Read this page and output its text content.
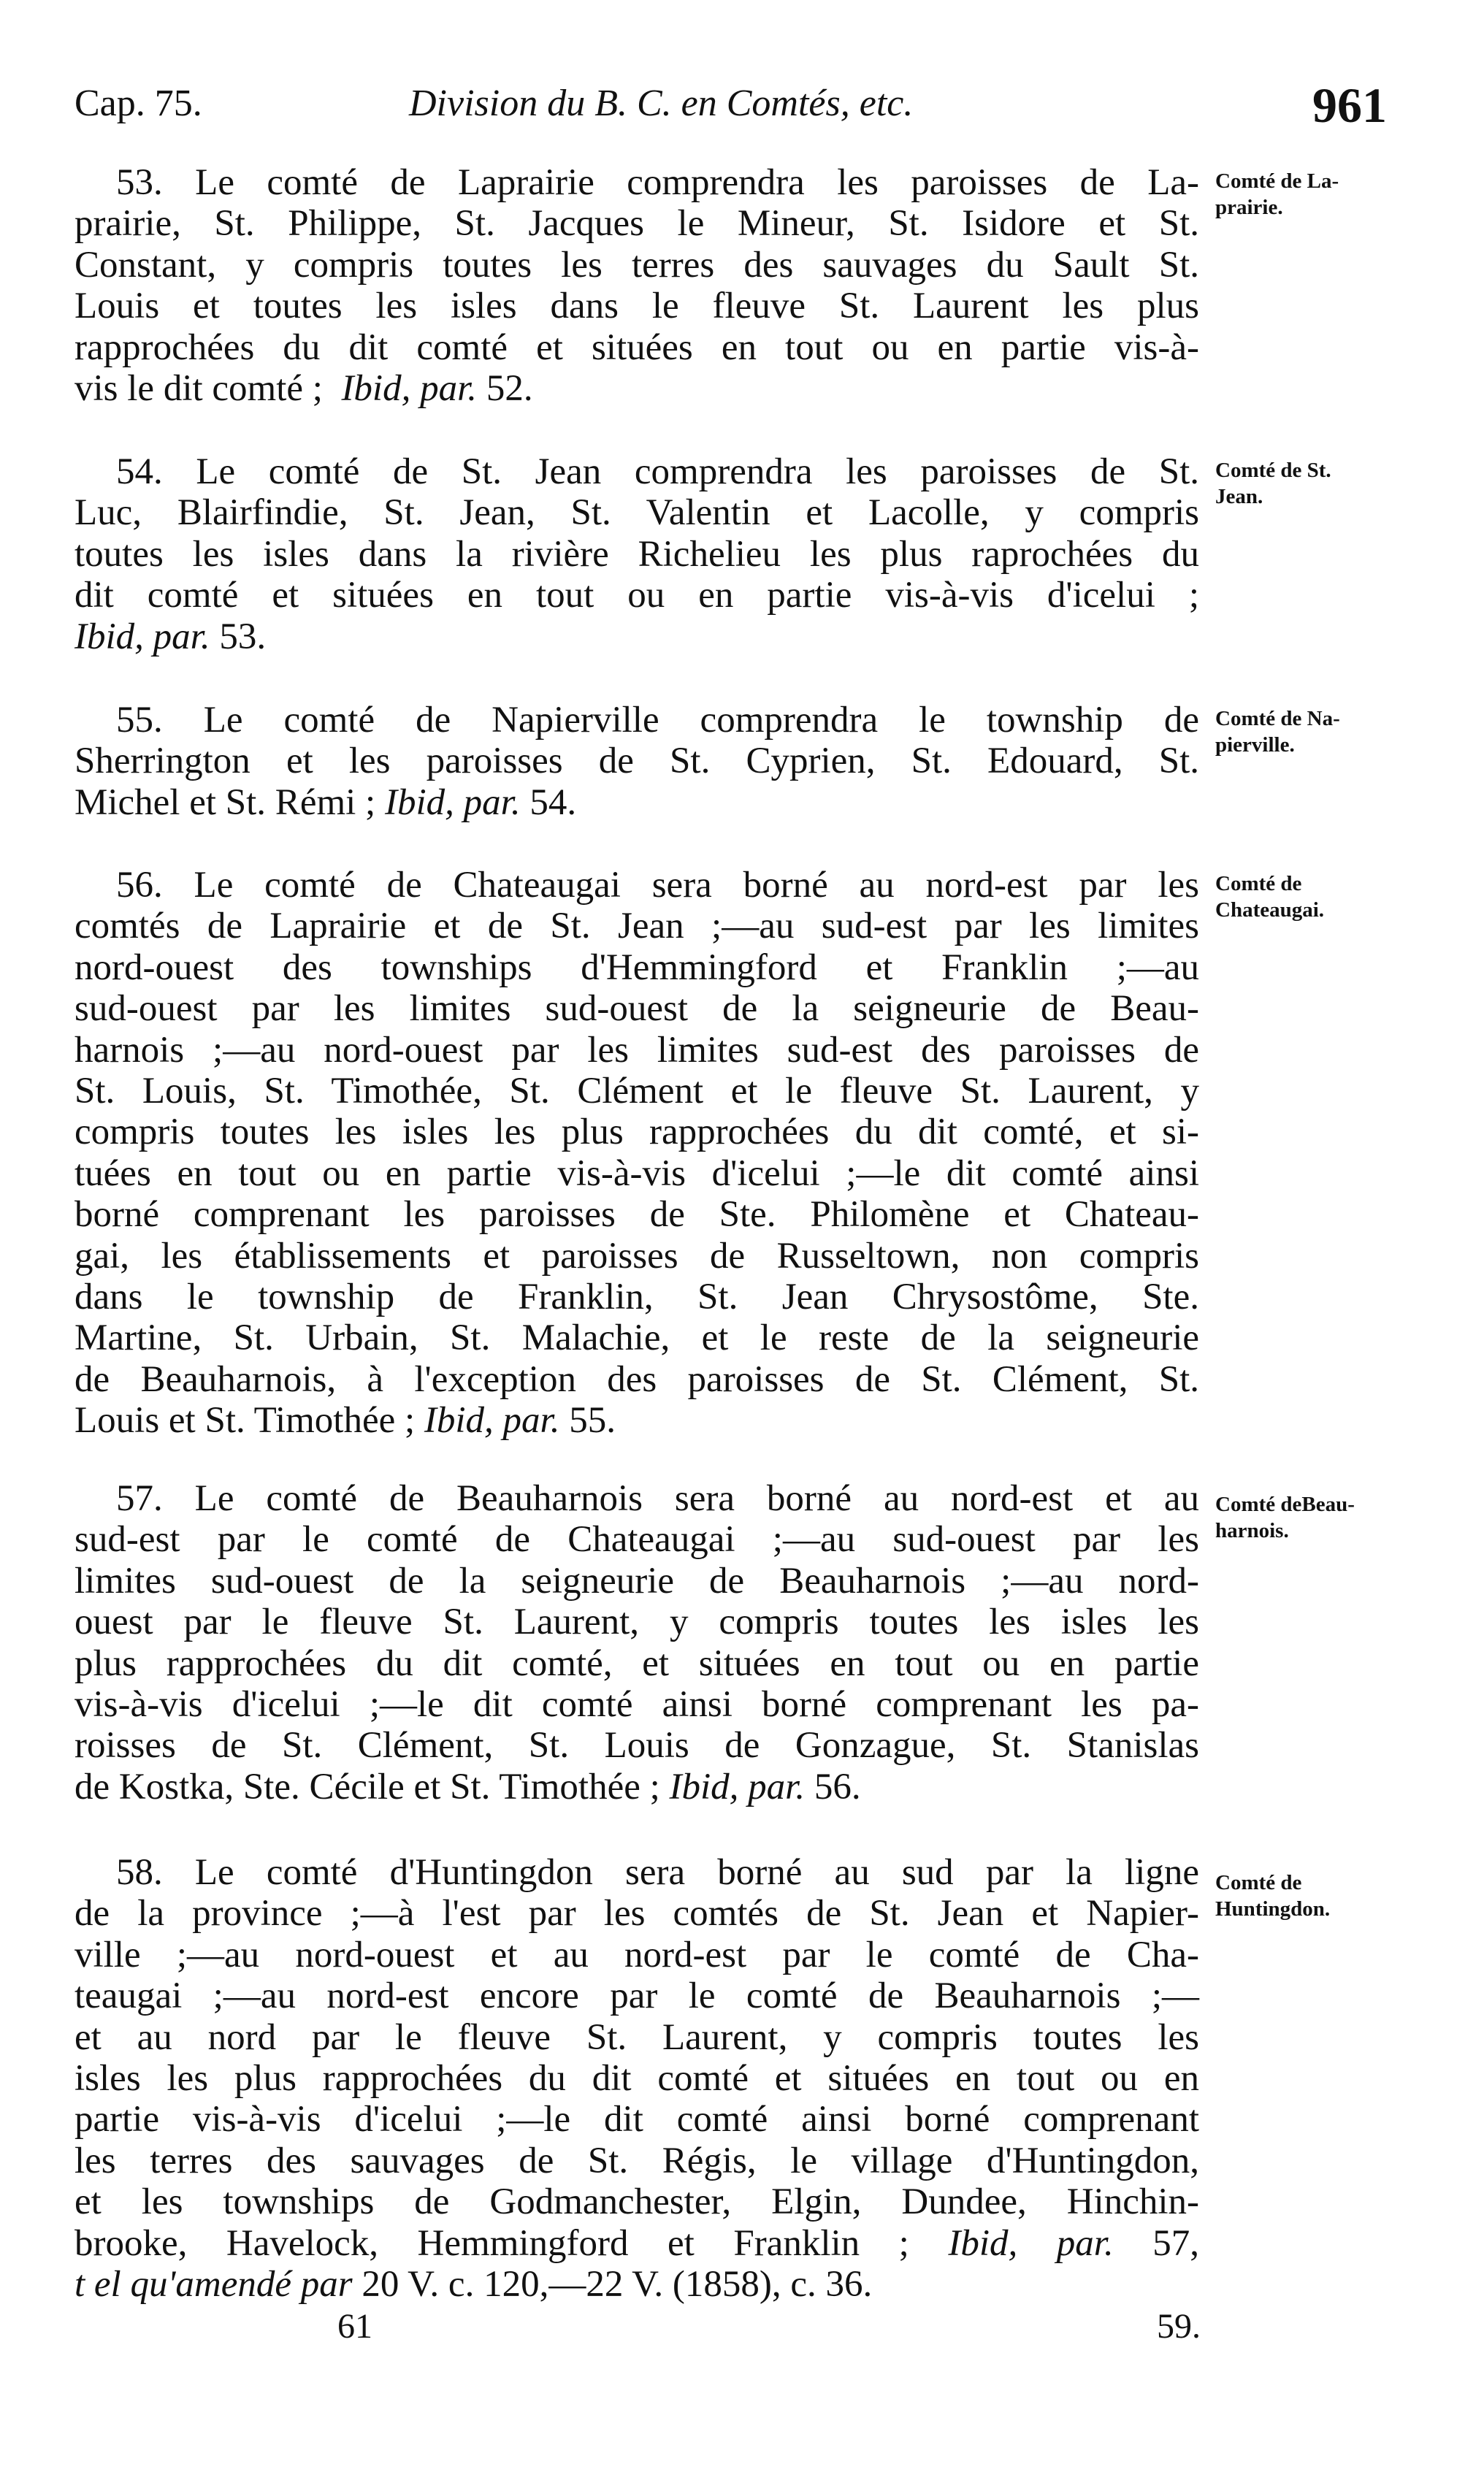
Cap. 75.	Division du B. C. en Comtés, etc.	961
53. Le comté de Laprairie comprendra les paroisses de La-
prairie, St. Philippe, St. Jacques le Mineur, St. Isidore et St.
Constant, y compris toutes les terres des sauvages du Sault St.
Louis et toutes les isles dans le fleuve St. Laurent les plus
rapprochées du dit comté et situées en tout ou en partie vis-à-
vis le dit comté ; Ibid, par. 52.
Comté de La-
prairie.
54. Le comté de St. Jean comprendra les paroisses de St.
Luc, Blairfindie, St. Jean, St. Valentin et Lacolle, y compris
toutes les isles dans la rivière Richelieu les plus raprochées du
dit comté et situées en tout ou en partie vis-à-vis d'icelui ;
Ibid, par. 53.
Comté de St.
Jean.
55. Le comté de Napierville comprendra le township de
Sherrington et les paroisses de St. Cyprien, St. Edouard, St.
Michel et St. Rémi ; Ibid, par. 54.
Comté de Na-
pierville.
56. Le comté de Chateaugai sera borné au nord-est par les
comtés de Laprairie et de St. Jean ;—au sud-est par les limites
nord-ouest des townships d'Hemmingford et Franklin ;—au
sud-ouest par les limites sud-ouest de la seigneurie de Beau-
harnois ;—au nord-ouest par les limites sud-est des paroisses de
St. Louis, St. Timothée, St. Clément et le fleuve St. Laurent, y
compris toutes les isles les plus rapprochées du dit comté, et si-
tuées en tout ou en partie vis-à-vis d'icelui ;—le dit comté ainsi
borné comprenant les paroisses de Ste. Philomène et Chateau-
gai, les établissements et paroisses de Russeltown, non compris
dans le township de Franklin, St. Jean Chrysostôme, Ste.
Martine, St. Urbain, St. Malachie, et le reste de la seigneurie
de Beauharnois, à l'exception des paroisses de St. Clément, St.
Louis et St. Timothée ; Ibid, par. 55.
Comté de
Chateaugai.
57. Le comté de Beauharnois sera borné au nord-est et au
sud-est par le comté de Chateaugai ;—au sud-ouest par les
limites sud-ouest de la seigneurie de Beauharnois ;—au nord-
ouest par le fleuve St. Laurent, y compris toutes les isles les
plus rapprochées du dit comté, et situées en tout ou en partie
vis-à-vis d'icelui ;—le dit comté ainsi borné comprenant les pa-
roisses de St. Clément, St. Louis de Gonzague, St. Stanislas
de Kostka, Ste. Cécile et St. Timothée ; Ibid, par. 56.
Comté deBeau-
harnois.
58. Le comté d'Huntingdon sera borné au sud par la ligne
de la province ;—à l'est par les comtés de St. Jean et Napier-
ville ;—au nord-ouest et au nord-est par le comté de Cha-
teaugai ;—au nord-est encore par le comté de Beauharnois ;—
et au nord par le fleuve St. Laurent, y compris toutes les
isles les plus rapprochées du dit comté et situées en tout ou en
partie vis-à-vis d'icelui ;—le dit comté ainsi borné comprenant
les terres des sauvages de St. Régis, le village d'Huntingdon,
et les townships de Godmanchester, Elgin, Dundee, Hinchin-
brooke, Havelock, Hemmingford et Franklin ; Ibid, par. 57,
t el qu'amendé par 20 V. c. 120,—22 V. (1858), c. 36.
Comté de
Huntingdon.
61	59.
